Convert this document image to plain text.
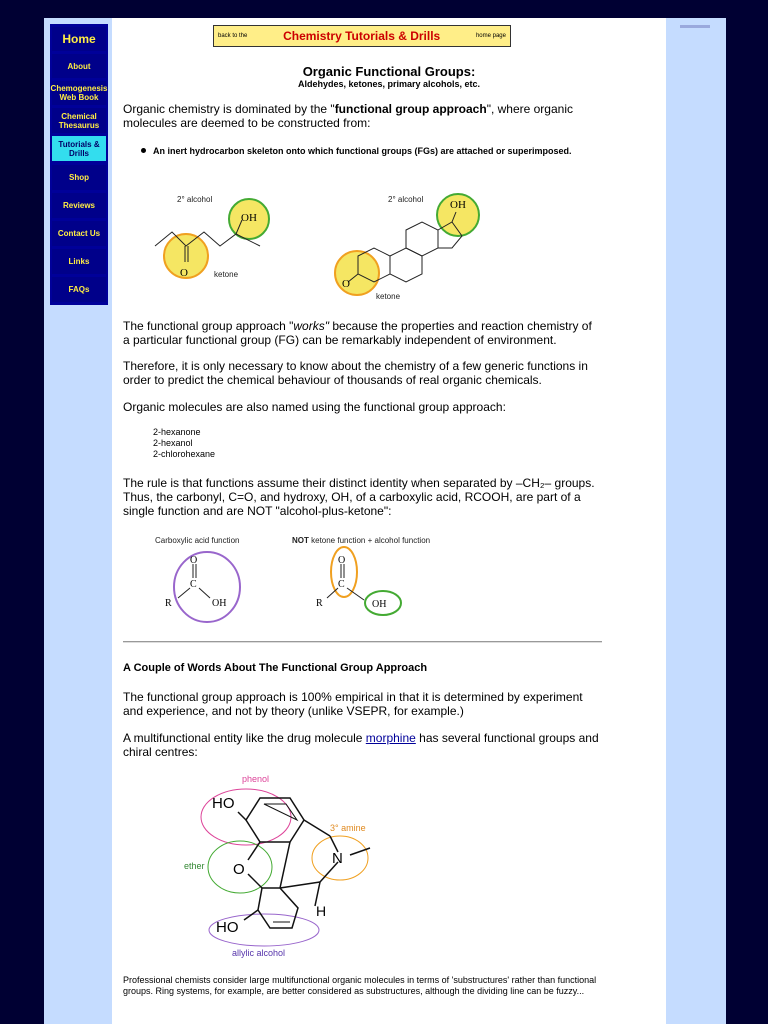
Home
About
Chemogenesis Web Book
Chemical Thesaurus
Tutorials & Drills
Shop
Reviews
Contact Us
Links
FAQs
back to the	Chemistry Tutorials & Drills	home page
Organic Functional Groups:
Aldehydes, ketones, primary alcohols, etc.
Organic chemistry is dominated by the "functional group approach", where organic molecules are deemed to be constructed from:
An inert hydrocarbon skeleton onto which functional groups (FGs) are attached or superimposed.
O
OH
2° alcohol
ketone
O
OH
2° alcohol
ketone
The functional group approach "works" because the properties and reaction chemistry of a particular functional group (FG) can be remarkably independent of environment.
Therefore, it is only necessary to know about the chemistry of a few generic functions in order to predict the chemical behaviour of thousands of real organic chemicals.
Organic molecules are also named using the functional group approach:
2-hexanone
2-hexanol
2-chlorohexane
The rule is that functions assume their distinct identity when separated by –CH₂– groups. Thus, the carbonyl, C=O, and hydroxy, OH, of a carboxylic acid, RCOOH, are part of a single function and are NOT "alcohol-plus-ketone":
Carboxylic acid function
O
C
R	OH
NOT ketone function + alcohol function
O
C
R	OH
A Couple of Words About The Functional Group Approach
The functional group approach is 100% empirical in that it is determined by experiment and experience, and not by theory (unlike VSEPR, for example.)
A multifunctional entity like the drug molecule morphine has several functional groups and chiral centres:
phenol
3° amine
ether
HO
N
O
H
HO
allylic alcohol
Professional chemists consider large multifunctional organic molecules in terms of 'substructures' rather than functional groups. Ring systems, for example, are better considered as substructures, although the dividing line can be fuzzy...
